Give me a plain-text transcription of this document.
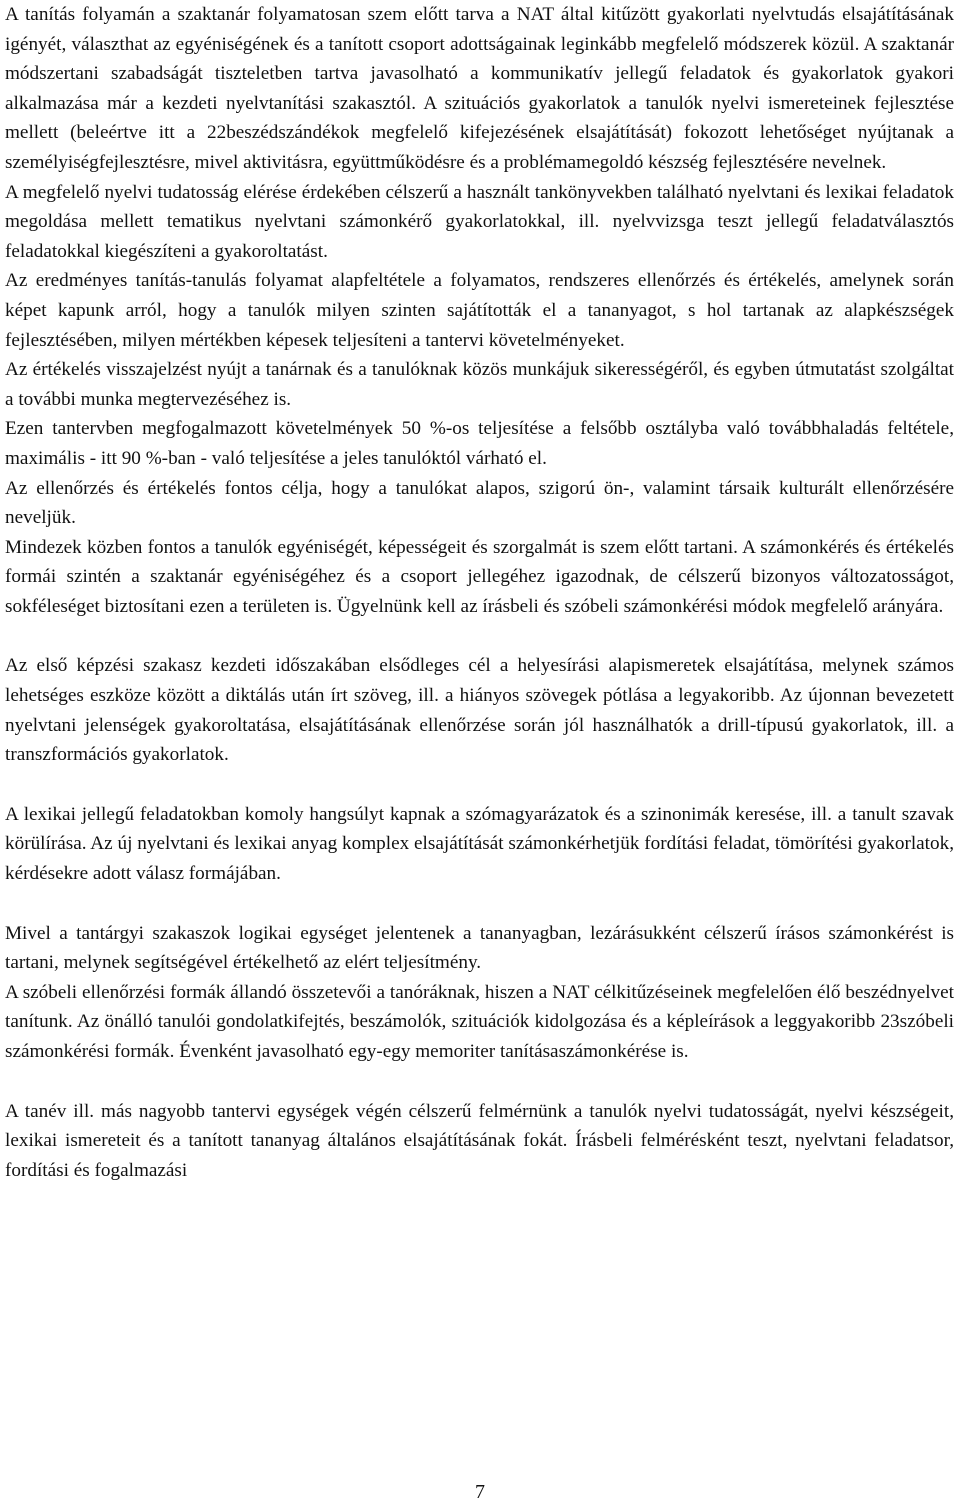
A tanítás folyamán a szaktanár folyamatosan szem előtt tarva a NAT által kitűzött gyakorlati nyelvtudás elsajátításának igényét, választhat az egyéniségének és a tanított csoport adottságainak leginkább megfelelő módszerek közül. A szaktanár módszertani szabadságát tiszteletben tartva javasolható a kommunikatív jellegű feladatok és gyakorlatok gyakori alkalmazása már a kezdeti nyelvtanítási szakasztól. A szituációs gyakorlatok a tanulók nyelvi ismereteinek fejlesztése mellett (beleértve itt a 22beszédszándékok megfelelő kifejezésének elsajátítását) fokozott lehetőséget nyújtanak a személyiségfejlesztésre, mivel aktivitásra, együttműködésre és a problémamegoldó készség fejlesztésére nevelnek.

A megfelelő nyelvi tudatosság elérése érdekében célszerű a használt tankönyvekben található nyelvtani és lexikai feladatok megoldása mellett tematikus nyelvtani számonkérő gyakorlatokkal, ill. nyelvvizsga teszt jellegű feladatválasztós feladatokkal kiegészíteni a gyakoroltatást.

Az eredményes tanítás-tanulás folyamat alapfeltétele a folyamatos, rendszeres ellenőrzés és értékelés, amelynek során képet kapunk arról, hogy a tanulók milyen szinten sajátították el a tananyagot, s hol tartanak az alapkészségek fejlesztésében, milyen mértékben képesek teljesíteni a tantervi követelményeket.

Az értékelés visszajelzést nyújt a tanárnak és a tanulóknak közös munkájuk sikerességéről, és egyben útmutatást szolgáltat a további munka megtervezéséhez is.

Ezen tantervben megfogalmazott követelmények 50 %-os teljesítése a felsőbb osztályba való továbbhaladás feltétele, maximális - itt 90 %-ban - való teljesítése a jeles tanulóktól várható el.

Az ellenőrzés és értékelés fontos célja, hogy a tanulókat alapos, szigorú ön-, valamint társaik kulturált ellenőrzésére neveljük.

Mindezek közben fontos a tanulók egyéniségét, képességeit és szorgalmát is szem előtt tartani. A számonkérés és értékelés formái szintén a szaktanár egyéniségéhez és a csoport jellegéhez igazodnak, de célszerű bizonyos változatosságot, sokféleséget biztosítani ezen a területen is. Ügyelnünk kell az írásbeli és szóbeli számonkérési módok megfelelő arányára.

Az első képzési szakasz kezdeti időszakában elsődleges cél a helyesírási alapismeretek elsajátítása, melynek számos lehetséges eszköze között a diktálás után írt szöveg, ill. a hiányos szövegek pótlása a legyakoribb. Az újonnan bevezetett nyelvtani jelenségek gyakoroltatása, elsajátításának ellenőrzése során jól használhatók a drill-típusú gyakorlatok, ill. a transzformációs gyakorlatok.

A lexikai jellegű feladatokban komoly hangsúlyt kapnak a szómagyarázatok és a szinonimák keresése, ill. a tanult szavak körülírása. Az új nyelvtani és lexikai anyag komplex elsajátítását számonkérhetjük fordítási feladat, tömörítési gyakorlatok, kérdésekre adott válasz formájában.

Mivel a tantárgyi szakaszok logikai egységet jelentenek a tananyagban, lezárásukként célszerű írásos számonkérést is tartani, melynek segítségével értékelhető az elért teljesítmény.

A szóbeli ellenőrzési formák állandó összetevői a tanóráknak, hiszen a NAT célkitűzéseinek megfelelően élő beszédnyelvet tanítunk. Az önálló tanulói gondolatkifejtés, beszámolók, szituációk kidolgozása és a képleírások a leggyakoribb 23szóbeli számonkérési formák. Évenként javasolható egy-egy memoriter tanításaszámonkérése is.

A tanév ill. más nagyobb tantervi egységek végén célszerű felmérnünk a tanulók nyelvi tudatosságát, nyelvi készségeit, lexikai ismereteit és a tanított tananyag általános elsajátításának fokát. Írásbeli felmérésként teszt, nyelvtani feladatsor, fordítási és fogalmazási

7
